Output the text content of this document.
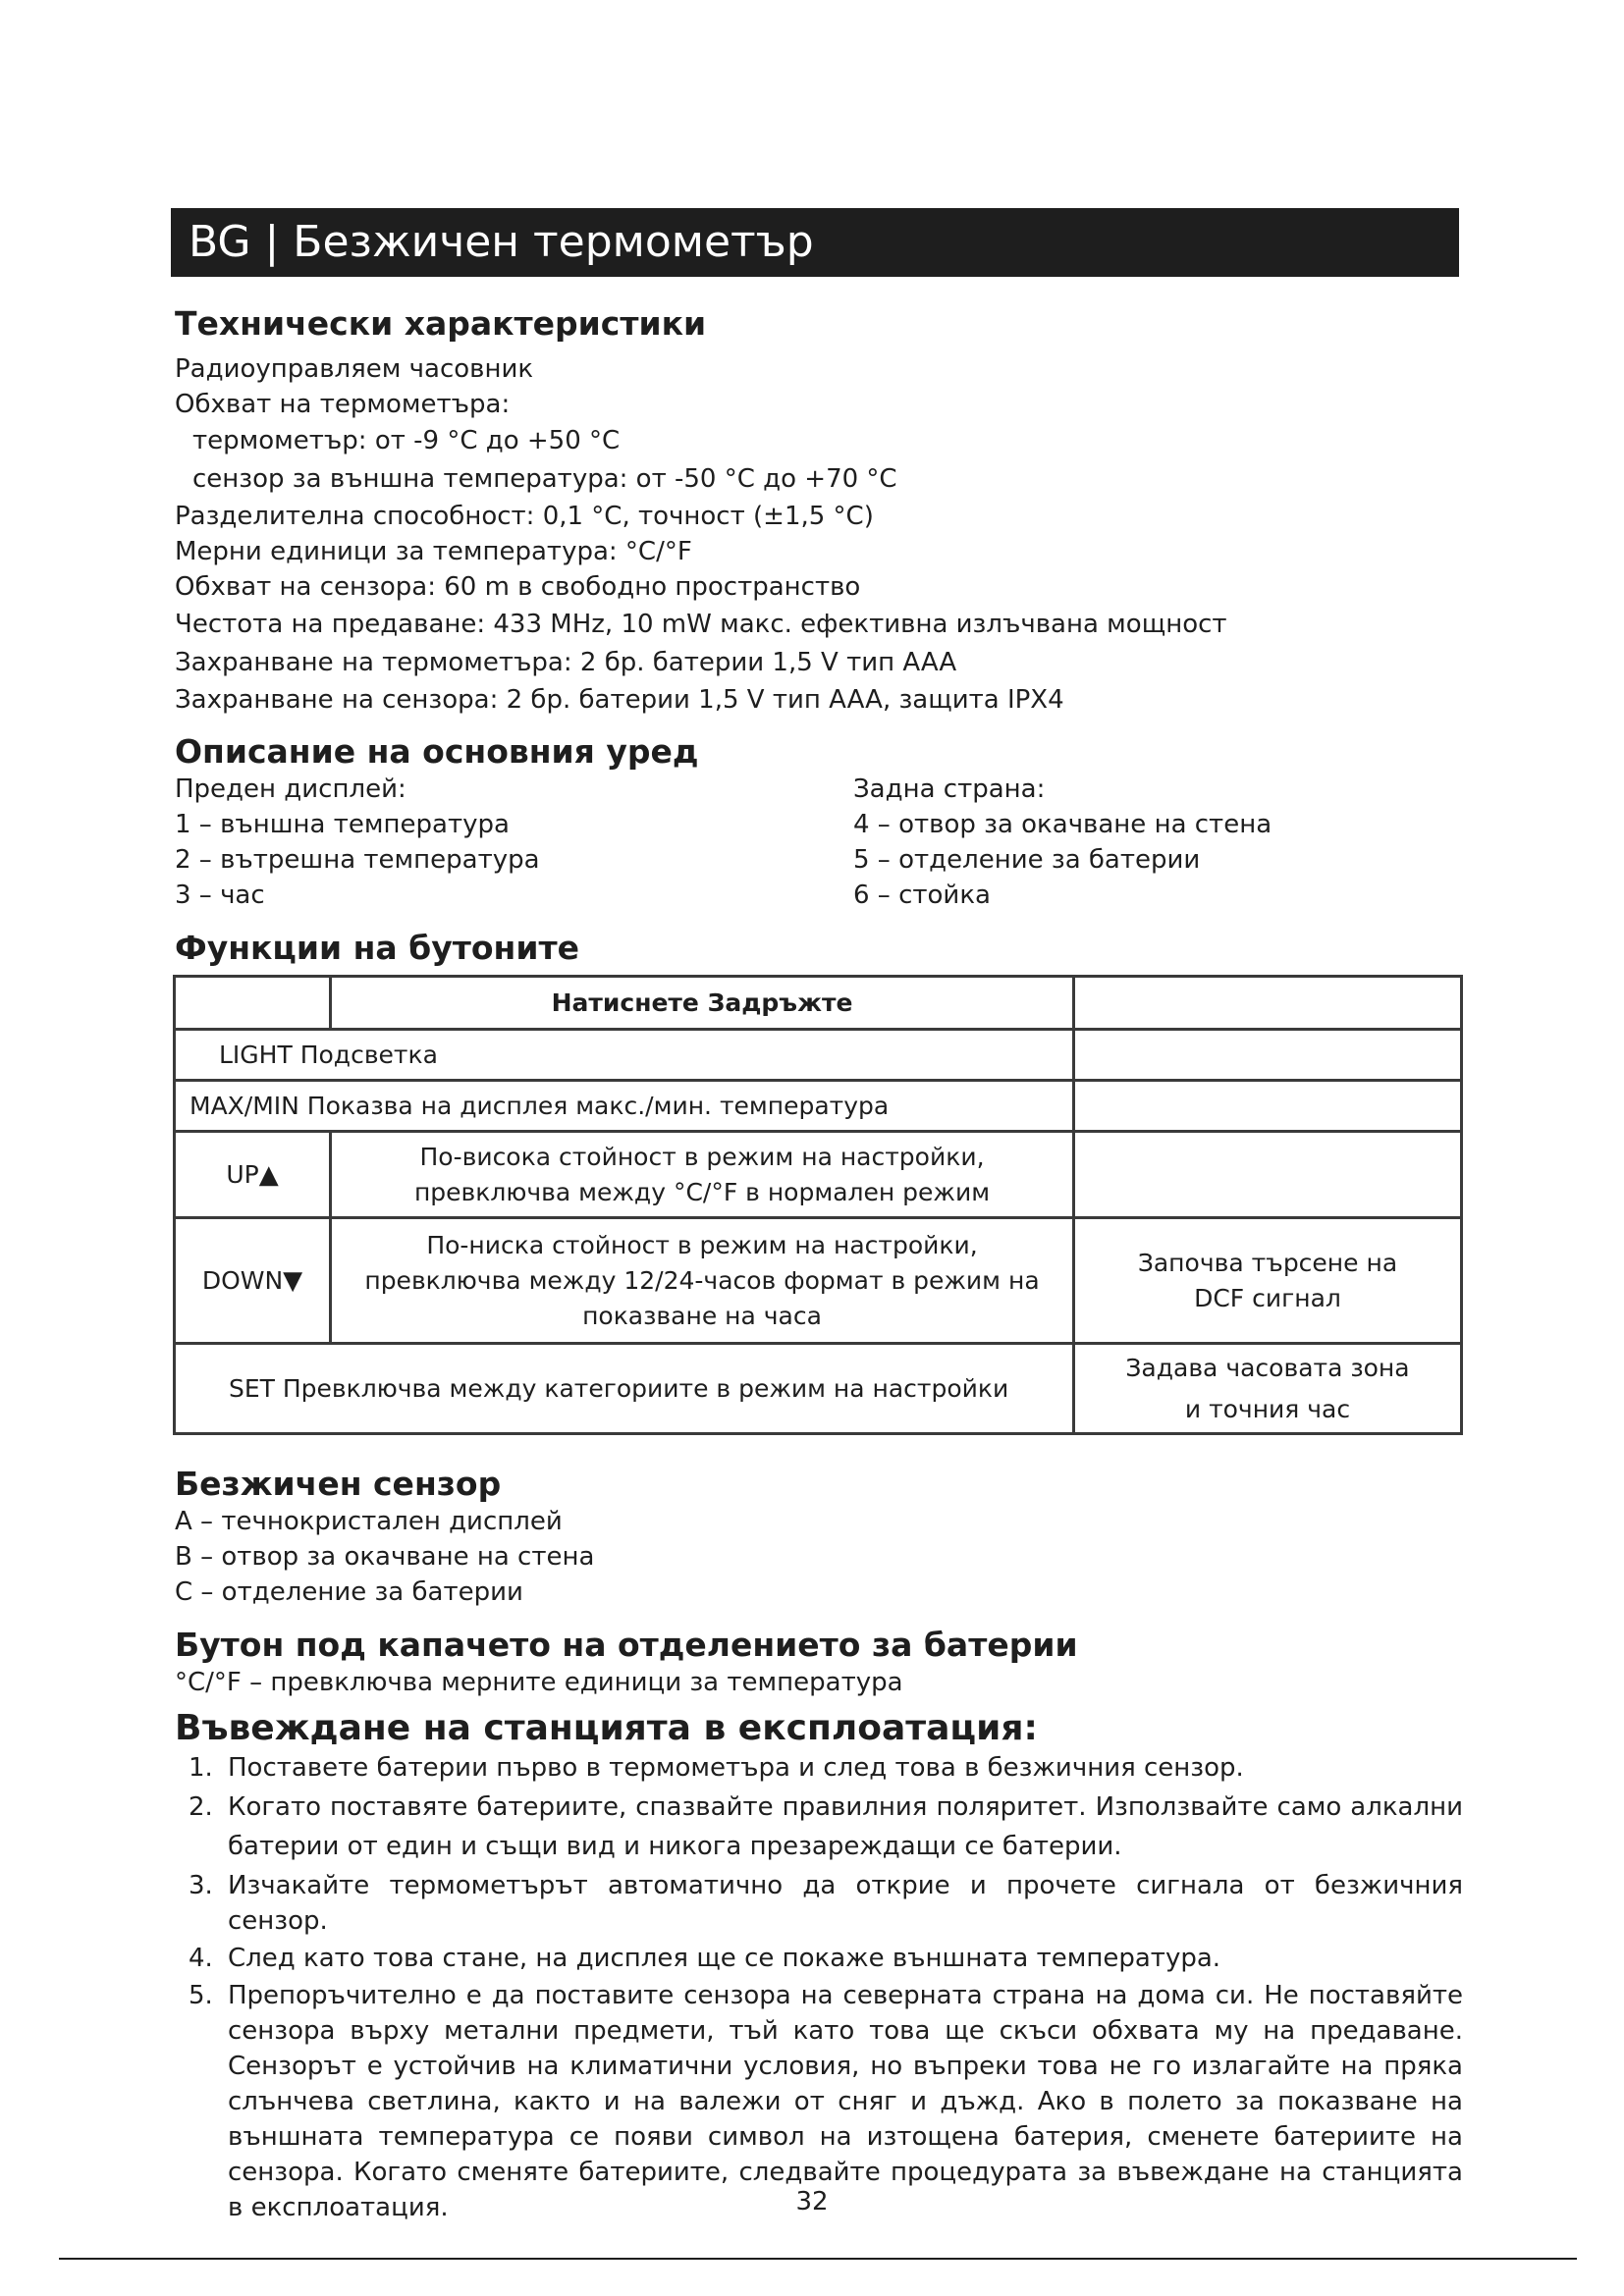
BG | Безжичен термометър
Технически характеристики
Радиоуправляем часовник
Обхват на термометъра:
термометър: от -9 °C до +50 °C
сензор за външна температура: от -50 °C до +70 °C
Разделителна способност: 0,1 °C, точност (±1,5 °C)
Мерни единици за температура: °C/°F
Обхват на сензора: 60 m в свободно пространство
Честота на предаване: 433 MHz, 10 mW макс. ефективна излъчвана мощност
Захранване на термометъра: 2 бр. батерии 1,5 V тип AAA
Захранване на сензора: 2 бр. батерии 1,5 V тип AAA, защита IPX4
Описание на основния уред
Преден дисплей:
1 – външна температура
2 – вътрешна температура
3 – час
Задна страна:
4 – отвор за окачване на стена
5 – отделение за батерии
6 – стойка
Функции на бутоните
	Натиснете Задръжте	
LIGHT Подсветка		
MAX/MIN Показва на дисплея макс./мин. температура		
UP▲	По-висока стойност в режим на настройки, превключва между °C/°F в нормален режим	
DOWN▼	По-ниска стойност в режим на настройки, превключва между 12/24-часов формат в режим на показване на часа	Започва търсене на DCF сигнал
SET Превключва между категориите в режим на настройки		Задава часовата зона и точния час
Безжичен сензор
A – течнокристален дисплей
B – отвор за окачване на стена
C – отделение за батерии
Бутон под капачето на отделението за батерии
°C/°F – превключва мерните единици за температура
Въвеждане на станцията в експлоатация:
1. Поставете батерии първо в термометъра и след това в безжичния сензор.
2. Когато поставяте батериите, спазвайте правилния поляритет. Използвайте само алкални батерии от един и същи вид и никога презареждащи се батерии.
3. Изчакайте термометърът автоматично да открие и прочете сигнала от безжичния сензор.
4. След като това стане, на дисплея ще се покаже външната температура.
5. Препоръчително е да поставите сензора на северната страна на дома си. Не поставяйте сензора върху метални предмети, тъй като това ще скъси обхвата му на предаване. Сензорът е устойчив на климатични условия, но въпреки това не го излагайте на пряка слънчева светлина, както и на валежи от сняг и дъжд. Ако в полето за показване на външната температура се появи символ на изтощена батерия, сменете батериите на сензора. Когато сменяте батериите, следвайте процедурата за въвеждане на станцията в експлоатация.	32
